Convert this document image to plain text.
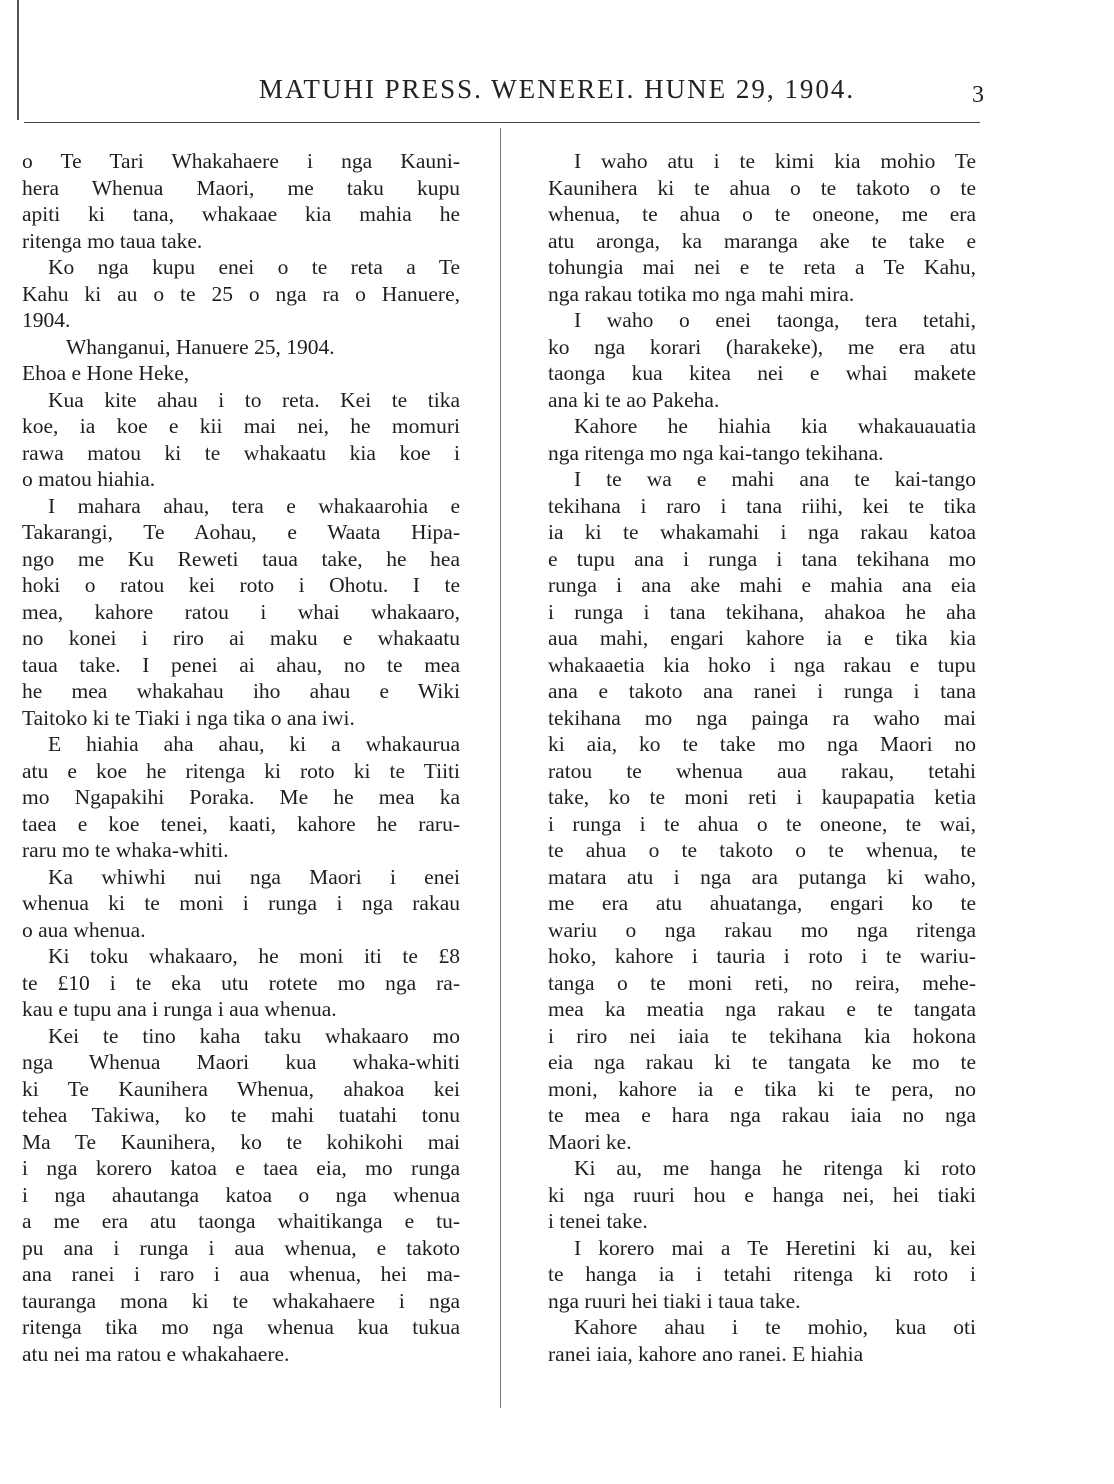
MATUHI PRESS. WENEREI. HUNE 29, 1904.	3
o Te Tari Whakahaere i nga Kauni-
hera Whenua Maori, me taku kupu
apiti ki tana, whakaae kia mahia he
ritenga mo taua take.
Ko nga kupu enei o te reta a Te
Kahu ki au o te 25 o nga ra o Hanuere,
1904.
Whanganui, Hanuere 25, 1904.
Ehoa e Hone Heke,
Kua kite ahau i to reta. Kei te tika
koe, ia koe e kii mai nei, he momuri
rawa matou ki te whakaatu kia koe i
o matou hiahia.
I mahara ahau, tera e whakaarohia e
Takarangi, Te Aohau, e Waata Hipa-
ngo me Ku Reweti taua take, he hea
hoki o ratou kei roto i Ohotu. I te
mea, kahore ratou i whai whakaaro,
no konei i riro ai maku e whakaatu
taua take. I penei ai ahau, no te mea
he mea whakahau iho ahau e Wiki
Taitoko ki te Tiaki i nga tika o ana iwi.
E hiahia aha ahau, ki a whakaurua
atu e koe he ritenga ki roto ki te Tiiti
mo Ngapakihi Poraka. Me he mea ka
taea e koe tenei, kaati, kahore he raru-
raru mo te whaka-whiti.
Ka whiwhi nui nga Maori i enei
whenua ki te moni i runga i nga rakau
o aua whenua.
Ki toku whakaaro, he moni iti te £8
te £10 i te eka utu rotete mo nga ra-
kau e tupu ana i runga i aua whenua.
Kei te tino kaha taku whakaaro mo
nga Whenua Maori kua whaka-whiti
ki Te Kaunihera Whenua, ahakoa kei
tehea Takiwa, ko te mahi tuatahi tonu
Ma Te Kaunihera, ko te kohikohi mai
i nga korero katoa e taea eia, mo runga
i nga ahautanga katoa o nga whenua
a me era atu taonga whaitikanga e tu-
pu ana i runga i aua whenua, e takoto
ana ranei i raro i aua whenua, hei ma-
tauranga mona ki te whakahaere i nga
ritenga tika mo nga whenua kua tukua
atu nei ma ratou e whakahaere.
I waho atu i te kimi kia mohio Te
Kaunihera ki te ahua o te takoto o te
whenua, te ahua o te oneone, me era
atu aronga, ka maranga ake te take e
tohungia mai nei e te reta a Te Kahu,
nga rakau totika mo nga mahi mira.
I waho o enei taonga, tera tetahi,
ko nga korari (harakeke), me era atu
taonga kua kitea nei e whai makete
ana ki te ao Pakeha.
Kahore he hiahia kia whakauauatia
nga ritenga mo nga kai-tango tekihana.
I te wa e mahi ana te kai-tango
tekihana i raro i tana riihi, kei te tika
ia ki te whakamahi i nga rakau katoa
e tupu ana i runga i tana tekihana mo
runga i ana ake mahi e mahia ana eia
i runga i tana tekihana, ahakoa he aha
aua mahi, engari kahore ia e tika kia
whakaaetia kia hoko i nga rakau e tupu
ana e takoto ana ranei i runga i tana
tekihana mo nga painga ra waho mai
ki aia, ko te take mo nga Maori no
ratou te whenua aua rakau, tetahi
take, ko te moni reti i kaupapatia ketia
i runga i te ahua o te oneone, te wai,
te ahua o te takoto o te whenua, te
matara atu i nga ara putanga ki waho,
me era atu ahuatanga, engari ko te
wariu o nga rakau mo nga ritenga
hoko, kahore i tauria i roto i te wariu-
tanga o te moni reti, no reira, mehe-
mea ka meatia nga rakau e te tangata
i riro nei iaia te tekihana kia hokona
eia nga rakau ki te tangata ke mo te
moni, kahore ia e tika ki te pera, no
te mea e hara nga rakau iaia no nga
Maori ke.
Ki au, me hanga he ritenga ki roto
ki nga ruuri hou e hanga nei, hei tiaki
i tenei take.
I korero mai a Te Heretini ki au, kei
te hanga ia i tetahi ritenga ki roto i
nga ruuri hei tiaki i taua take.
Kahore ahau i te mohio, kua oti
ranei iaia, kahore ano ranei. E hiahia
